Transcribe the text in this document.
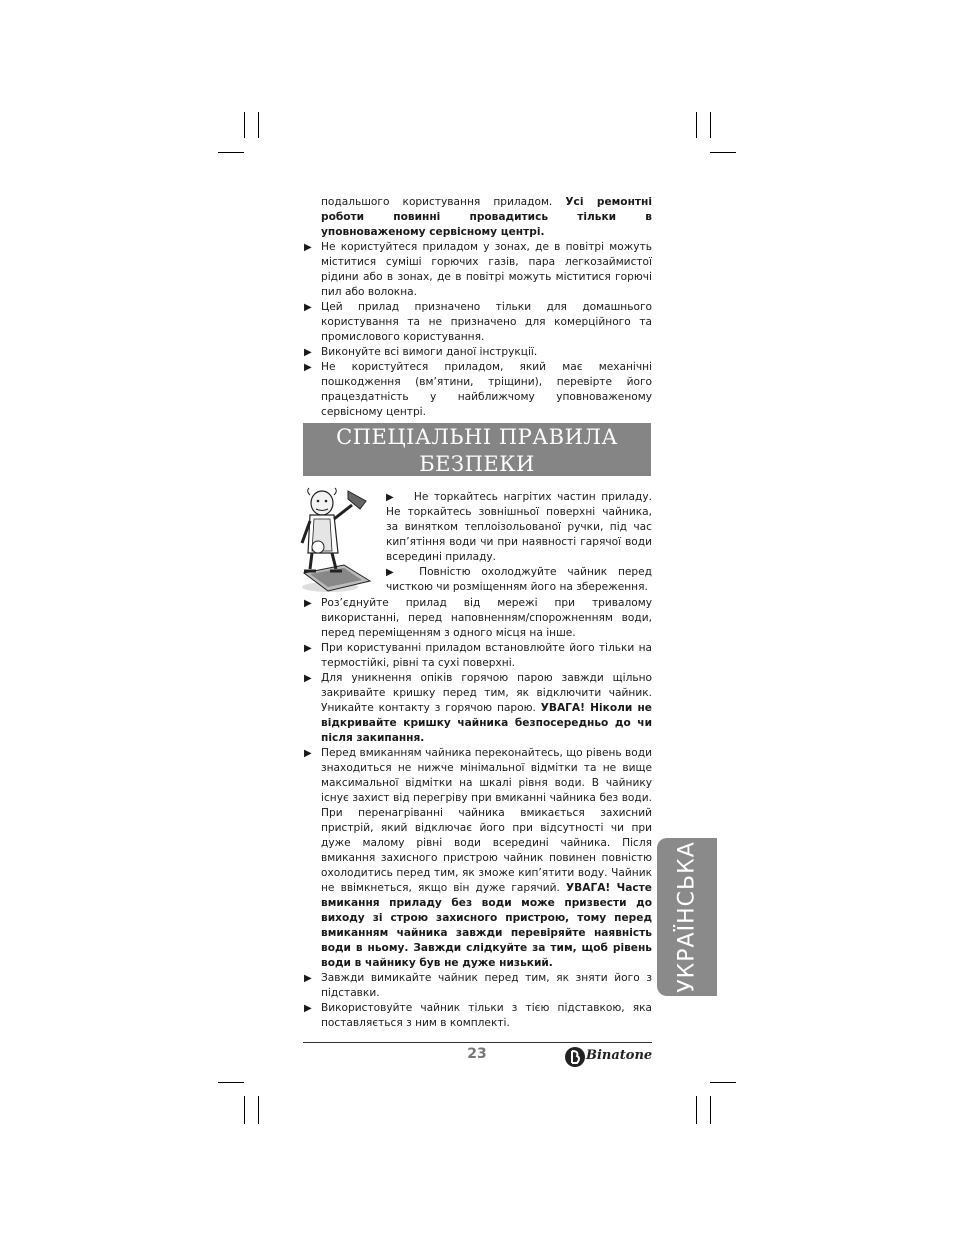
подальшого користування приладом. Усі ремонтні роботи повинні провадитись тільки в уповноваженому сервісному центрі.

▶ Не користуйтеся приладом у зонах, де в повітрі можуть міститися суміші горючих газів, пара легкозаймистої рідини або в зонах, де в повітрі можуть міститися горючі пил або волокна.

▶ Цей прилад призначено тільки для домашнього користування та не призначено для комерційного та промислового користування.

▶ Виконуйте всі вимоги даної інструкції.

▶ Не користуйтеся приладом, який має механічні пошкодження (вм’ятини, тріщини), перевірте його працездатність у найближчому уповноваженому сервісному центрі.

СПЕЦІАЛЬНІ ПРАВИЛА
БЕЗПЕКИ

▶ Не торкайтесь нагрітих частин приладу. Не торкайтесь зовнішньої поверхні чайника, за винятком теплоізольованої ручки, під час кип’ятіння води чи при наявності гарячої води всередині приладу.

▶ Повністю охолоджуйте чайник перед чисткою чи розміщенням його на збереження.

▶ Роз’єднуйте прилад від мережі при тривалому використанні, перед наповненням/спорожненням води, перед переміщенням з одного місця на інше.

▶ При користуванні приладом встановлюйте його тільки на термостійкі, рівні та сухі поверхні.

▶ Для уникнення опіків горячою парою завжди щільно закривайте кришку перед тим, як відключити чайник. Уникайте контакту з горячою парою. УВАГА! Ніколи не відкривайте кришку чайника безпосередньо до чи після закипання.

▶ Перед вмиканням чайника переконайтесь, що рівень води знаходиться не нижче мінімальної відмітки та не вище максимальної відмітки на шкалі рівня води. В чайнику існує захист від перегріву при вмиканні чайника без води. При перенагріванні чайника вмикається захисний пристрій, який відключає його при відсутності чи при дуже малому рівні води всередині чайника. Після вмикання захисного пристрою чайник повинен повністю охолодитись перед тим, як зможе кип’ятити воду. Чайник не ввімкнеться, якщо він дуже гарячий. УВАГА! Часте вмикання приладу без води може призвести до виходу зі строю захисного пристрою, тому перед вмиканням чайника завжди перевіряйте наявність води в ньому. Завжди слідкуйте за тим, щоб рівень води в чайнику був не дуже низький.

▶ Завжди вимикайте чайник перед тим, як зняти його з підставки.

▶ Використовуйте чайник тільки з тією підставкою, яка поставляється з ним в комплекті.

УКРАЇНСЬКА
23	Binatone
